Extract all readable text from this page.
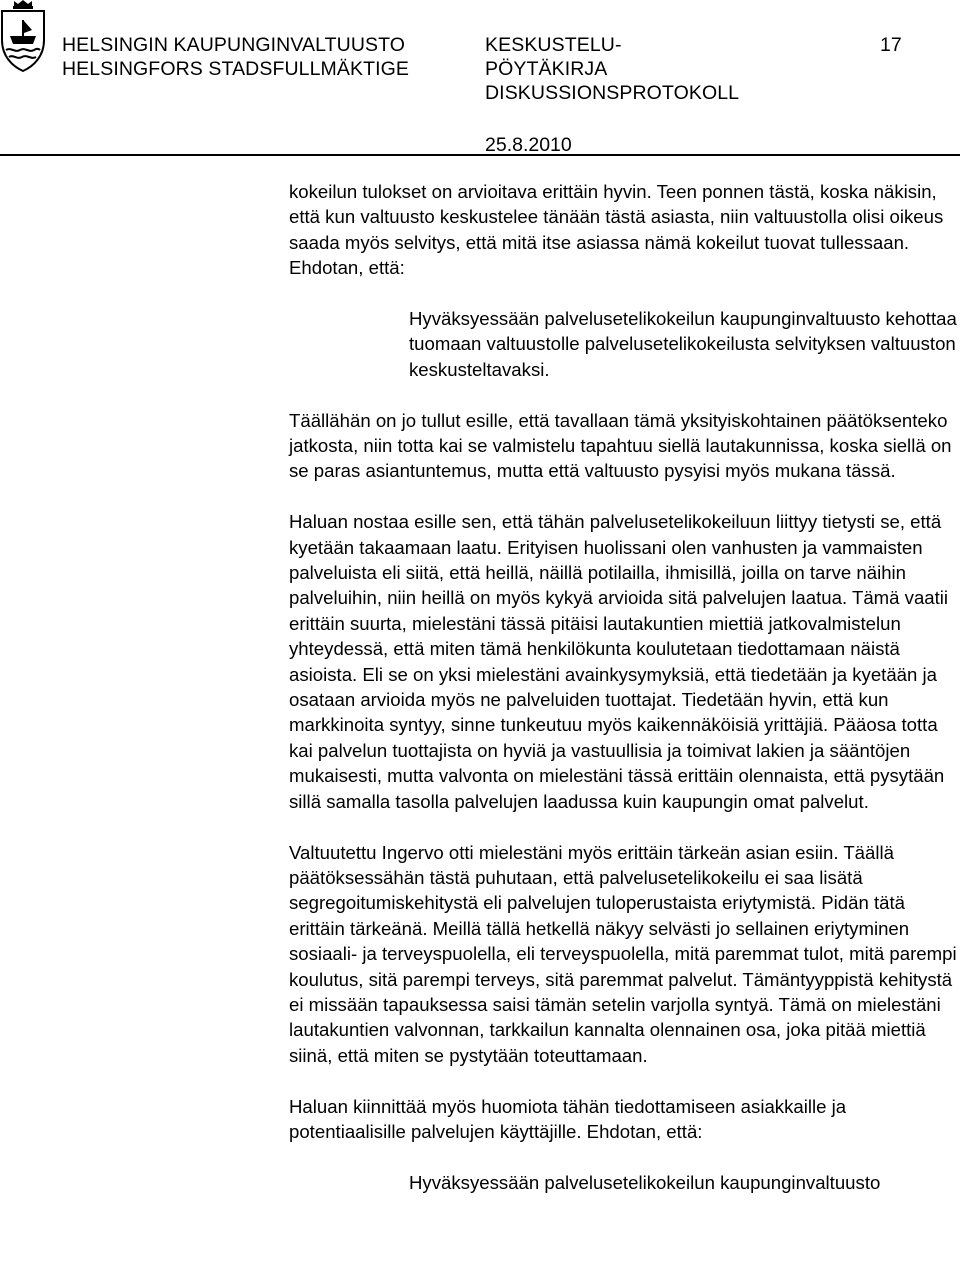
HELSINGIN KAUPUNGINVALTUUSTO
HELSINGFORS STADSFULLMÄKTIGE
KESKUSTELU-
PÖYTÄKIRJA
DISKUSSIONSPROTOKOLL
25.8.2010
17

kokeilun tulokset on arvioitava erittäin hyvin. Teen ponnen tästä, koska näkisin, että kun valtuusto keskustelee tänään tästä asiasta, niin valtuustolla olisi oikeus saada myös selvitys, että mitä itse asiassa nämä kokeilut tuovat tullessaan. Ehdotan, että:

Hyväksyessään palvelusetelikokeilun kaupunginvaltuusto kehottaa tuomaan valtuustolle palvelusetelikokeilusta selvityksen valtuuston keskusteltavaksi.

Täällähän on jo tullut esille, että tavallaan tämä yksityiskohtainen päätöksenteko jatkosta, niin totta kai se valmistelu tapahtuu siellä lautakunnissa, koska siellä on se paras asiantuntemus, mutta että valtuusto pysyisi myös mukana tässä.

Haluan nostaa esille sen, että tähän palvelusetelikokeiluun liittyy tietysti se, että kyetään takaamaan laatu. Erityisen huolissani olen vanhusten ja vammaisten palveluista eli siitä, että heillä, näillä potilailla, ihmisillä, joilla on tarve näihin palveluihin, niin heillä on myös kykyä arvioida sitä palvelujen laatua. Tämä vaatii erittäin suurta, mielestäni tässä pitäisi lautakuntien miettiä jatkovalmistelun yhteydessä, että miten tämä henkilökunta koulutetaan tiedottamaan näistä asioista. Eli se on yksi mielestäni avainkysymyksiä, että tiedetään ja kyetään ja osataan arvioida myös ne palveluiden tuottajat. Tiedetään hyvin, että kun markkinoita syntyy, sinne tunkeutuu myös kaikennäköisiä yrittäjiä. Pääosa totta kai palvelun tuottajista on hyviä ja vastuullisia ja toimivat lakien ja sääntöjen mukaisesti, mutta valvonta on mielestäni tässä erittäin olennaista, että pysytään sillä samalla tasolla palvelujen laadussa kuin kaupungin omat palvelut.

Valtuutettu Ingervo otti mielestäni myös erittäin tärkeän asian esiin. Täällä päätöksessähän tästä puhutaan, että palvelusetelikokeilu ei saa lisätä segregoitumiskehitystä eli palvelujen tuloperustaista eriytymistä. Pidän tätä erittäin tärkeänä. Meillä tällä hetkellä näkyy selvästi jo sellainen eriytyminen sosiaali- ja terveyspuolella, eli terveyspuolella, mitä paremmat tulot, mitä parempi koulutus, sitä parempi terveys, sitä paremmat palvelut. Tämäntyyppistä kehitystä ei missään tapauksessa saisi tämän setelin varjolla syntyä. Tämä on mielestäni lautakuntien valvonnan, tarkkailun kannalta olennainen osa, joka pitää miettiä siinä, että miten se pystytään toteuttamaan.

Haluan kiinnittää myös huomiota tähän tiedottamiseen asiakkaille ja potentiaalisille palvelujen käyttäjille. Ehdotan, että:

Hyväksyessään palvelusetelikokeilun kaupunginvaltuusto
